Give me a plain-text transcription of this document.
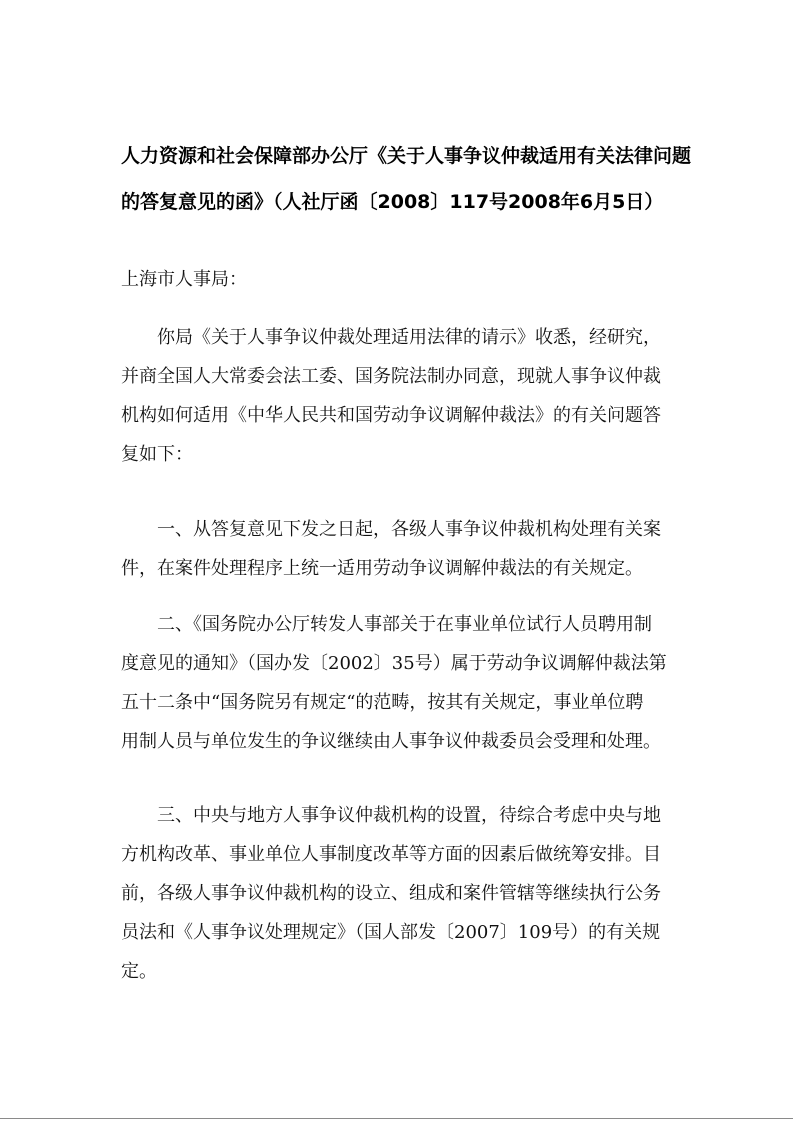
人力资源和社会保障部办公厅《关于人事争议仲裁适用有关法律问题
的答复意见的函》（人社厅函〔2008〕117号2008年6月5日）

上海市人事局：

你局《关于人事争议仲裁处理适用法律的请示》收悉，经研究，
并商全国人大常委会法工委、国务院法制办同意，现就人事争议仲裁
机构如何适用《中华人民共和国劳动争议调解仲裁法》的有关问题答
复如下：

一、从答复意见下发之日起，各级人事争议仲裁机构处理有关案
件，在案件处理程序上统一适用劳动争议调解仲裁法的有关规定。

二、《国务院办公厅转发人事部关于在事业单位试行人员聘用制
度意见的通知》（国办发〔2002〕35号）属于劳动争议调解仲裁法第
五十二条中“国务院另有规定“的范畴，按其有关规定，事业单位聘
用制人员与单位发生的争议继续由人事争议仲裁委员会受理和处理。

三、中央与地方人事争议仲裁机构的设置，待综合考虑中央与地
方机构改革、事业单位人事制度改革等方面的因素后做统筹安排。目
前，各级人事争议仲裁机构的设立、组成和案件管辖等继续执行公务
员法和《人事争议处理规定》（国人部发〔2007〕109号）的有关规
定。
